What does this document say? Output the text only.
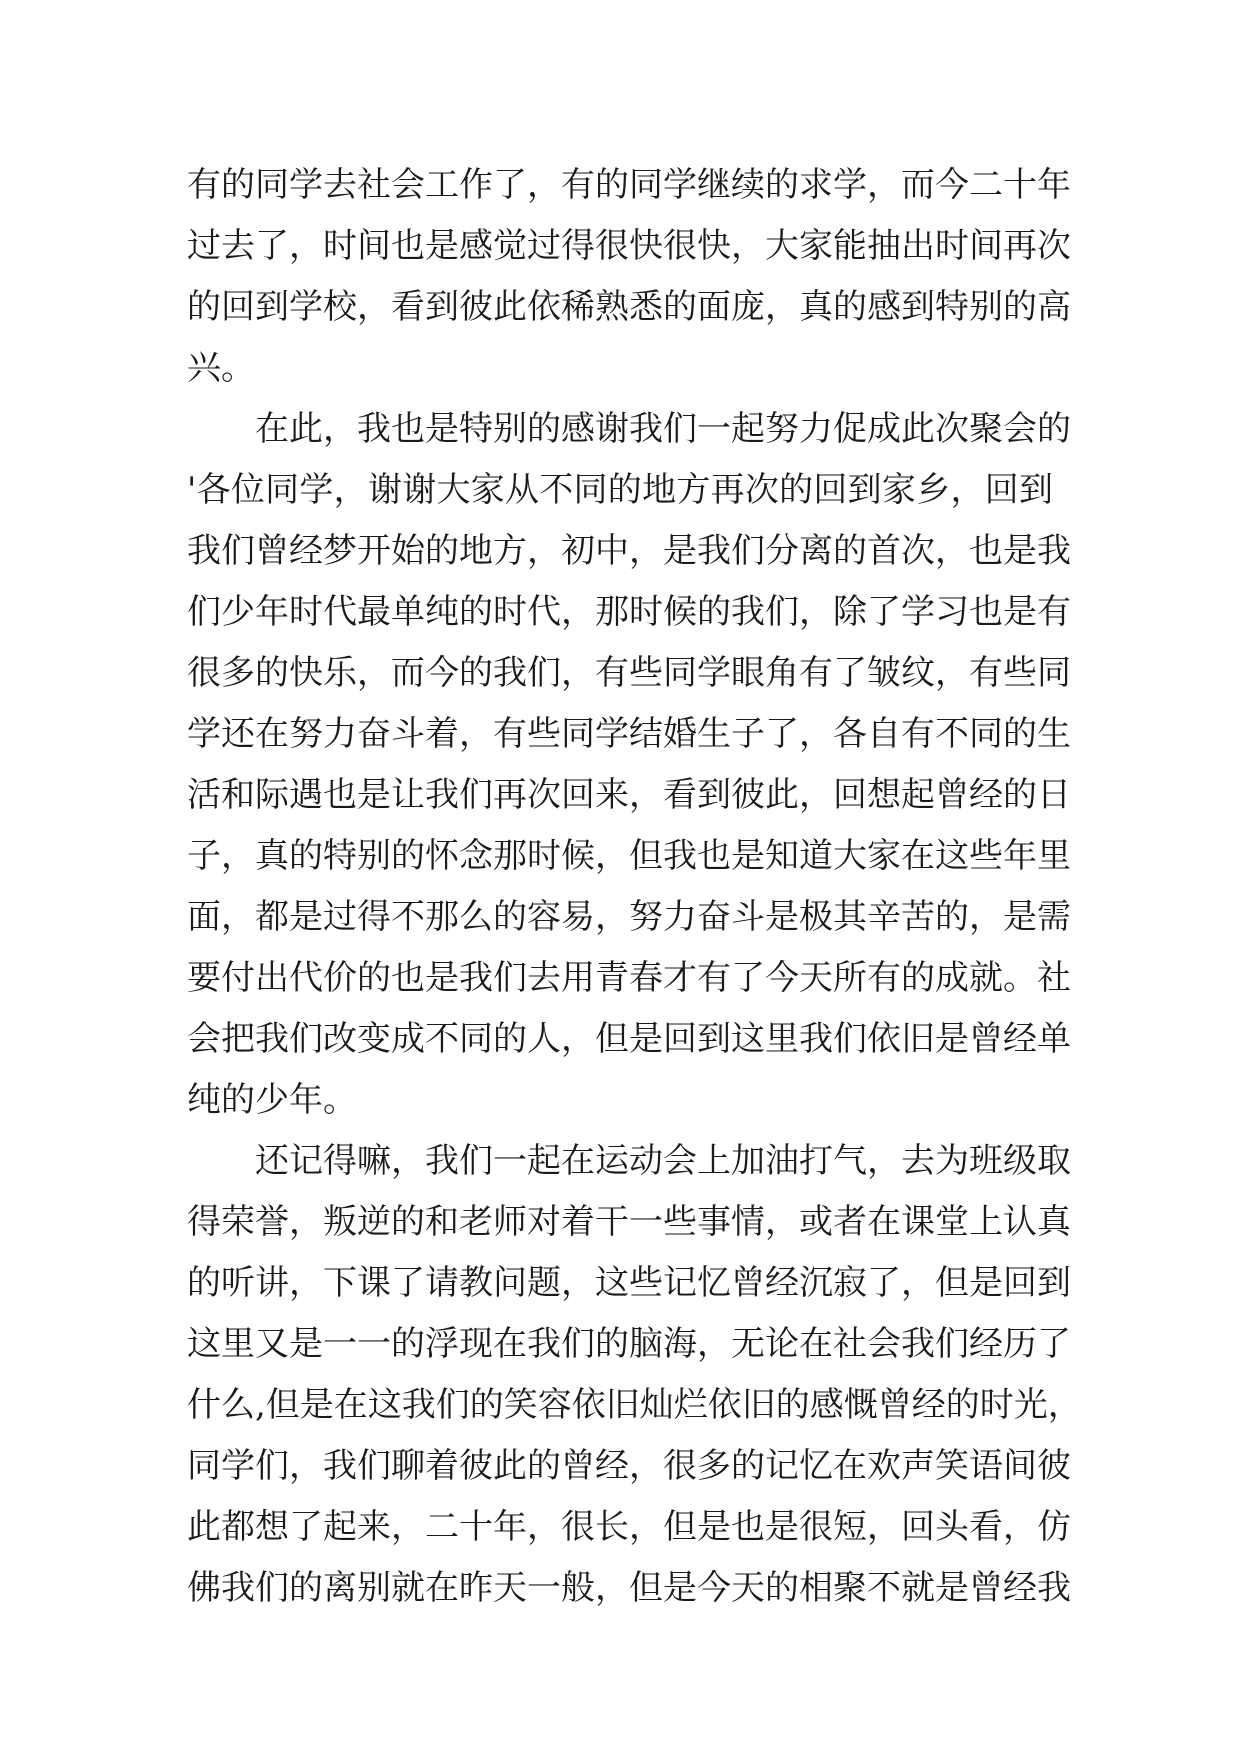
有的同学去社会工作了，有的同学继续的求学，而今二十年
过去了，时间也是感觉过得很快很快，大家能抽出时间再次
的回到学校，看到彼此依稀熟悉的面庞，真的感到特别的高
兴。
在此，我也是特别的感谢我们一起努力促成此次聚会的
'各位同学，谢谢大家从不同的地方再次的回到家乡，回到
我们曾经梦开始的地方，初中，是我们分离的首次，也是我
们少年时代最单纯的时代，那时候的我们，除了学习也是有
很多的快乐，而今的我们，有些同学眼角有了皱纹，有些同
学还在努力奋斗着，有些同学结婚生子了，各自有不同的生
活和际遇也是让我们再次回来，看到彼此，回想起曾经的日
子，真的特别的怀念那时候，但我也是知道大家在这些年里
面，都是过得不那么的容易，努力奋斗是极其辛苦的，是需
要付出代价的也是我们去用青春才有了今天所有的成就。社
会把我们改变成不同的人，但是回到这里我们依旧是曾经单
纯的少年。
还记得嘛，我们一起在运动会上加油打气，去为班级取
得荣誉，叛逆的和老师对着干一些事情，或者在课堂上认真
的听讲，下课了请教问题，这些记忆曾经沉寂了，但是回到
这里又是一一的浮现在我们的脑海，无论在社会我们经历了
什么,但是在这我们的笑容依旧灿烂依旧的感慨曾经的时光，
同学们，我们聊着彼此的曾经，很多的记忆在欢声笑语间彼
此都想了起来，二十年，很长，但是也是很短，回头看，仿
佛我们的离别就在昨天一般，但是今天的相聚不就是曾经我
